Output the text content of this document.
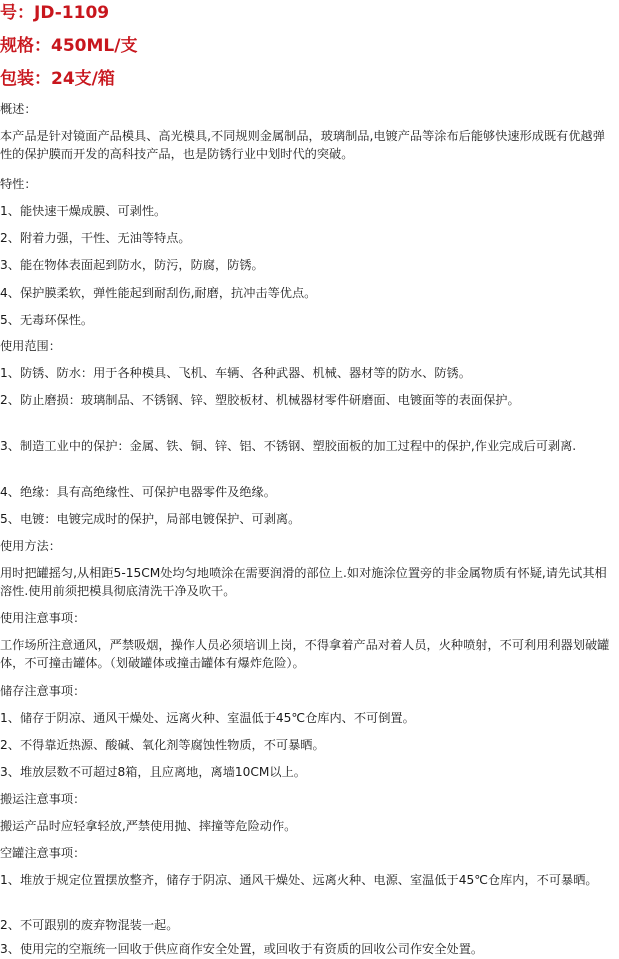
号：JD-1109
规格：450ML/支
包装：24支/箱
概述：
本产品是针对镜面产品模具、高光模具,不同规则金属制品，玻璃制品,电镀产品等涂布后能够快速形成既有优越弹性的保护膜而开发的高科技产品，也是防锈行业中划时代的突破。
特性：
1、能快速干燥成膜、可剥性。
2、附着力强，干性、无油等特点。
3、能在物体表面起到防水，防污，防腐，防锈。
4、保护膜柔软，弹性能起到耐刮伤,耐磨，抗冲击等优点。
5、无毒环保性。
使用范围：
1、防锈、防水：用于各种模具、飞机、车辆、各种武器、机械、器材等的防水、防锈。
2、防止磨损：玻璃制品、不锈钢、锌、塑胶板材、机械器材零件研磨面、电镀面等的表面保护。
3、制造工业中的保护：金属、铁、铜、锌、铝、不锈钢、塑胶面板的加工过程中的保护,作业完成后可剥离.
4、绝缘：具有高绝缘性、可保护电器零件及绝缘。
5、电镀：电镀完成时的保护，局部电镀保护、可剥离。
使用方法：
用时把罐摇匀,从相距5-15CM处均匀地喷涂在需要润滑的部位上.如对施涂位置旁的非金属物质有怀疑,请先试其相溶性.使用前须把模具彻底清洗干净及吹干。
使用注意事项：
工作场所注意通风，严禁吸烟，操作人员必须培训上岗，不得拿着产品对着人员，火种喷射，不可利用利器划破罐体，不可撞击罐体。（划破罐体或撞击罐体有爆炸危险）。
储存注意事项：
1、储存于阴凉、通风干燥处、远离火种、室温低于45℃仓库内、不可倒置。
2、不得靠近热源、酸碱、氧化剂等腐蚀性物质，不可暴晒。
3、堆放层数不可超过8箱，且应离地，离墙10CM以上。
搬运注意事项：
搬运产品时应轻拿轻放,严禁使用抛、摔撞等危险动作。
空罐注意事项：
1、堆放于规定位置摆放整齐，储存于阴凉、通风干燥处、远离火种、电源、室温低于45℃仓库内，不可暴晒。
2、不可跟别的废弃物混装一起。
3、使用完的空瓶统一回收于供应商作安全处置，或回收于有资质的回收公司作安全处置。
